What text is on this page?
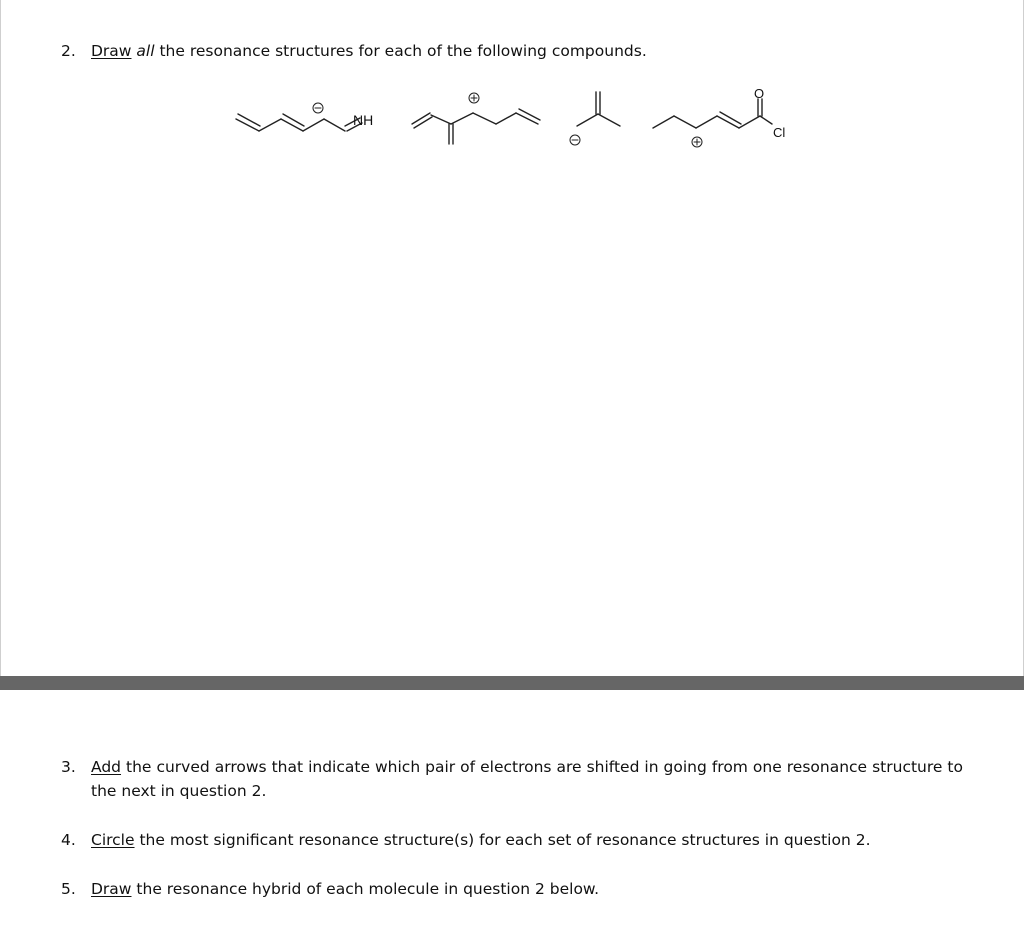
2. Draw all the resonance structures for each of the following compounds.
NH
O
Cl
3. Add the curved arrows that indicate which pair of electrons are shifted in going from one resonance structure to the next in question 2.
4. Circle the most significant resonance structure(s) for each set of resonance structures in question 2.
5. Draw the resonance hybrid of each molecule in question 2 below.
